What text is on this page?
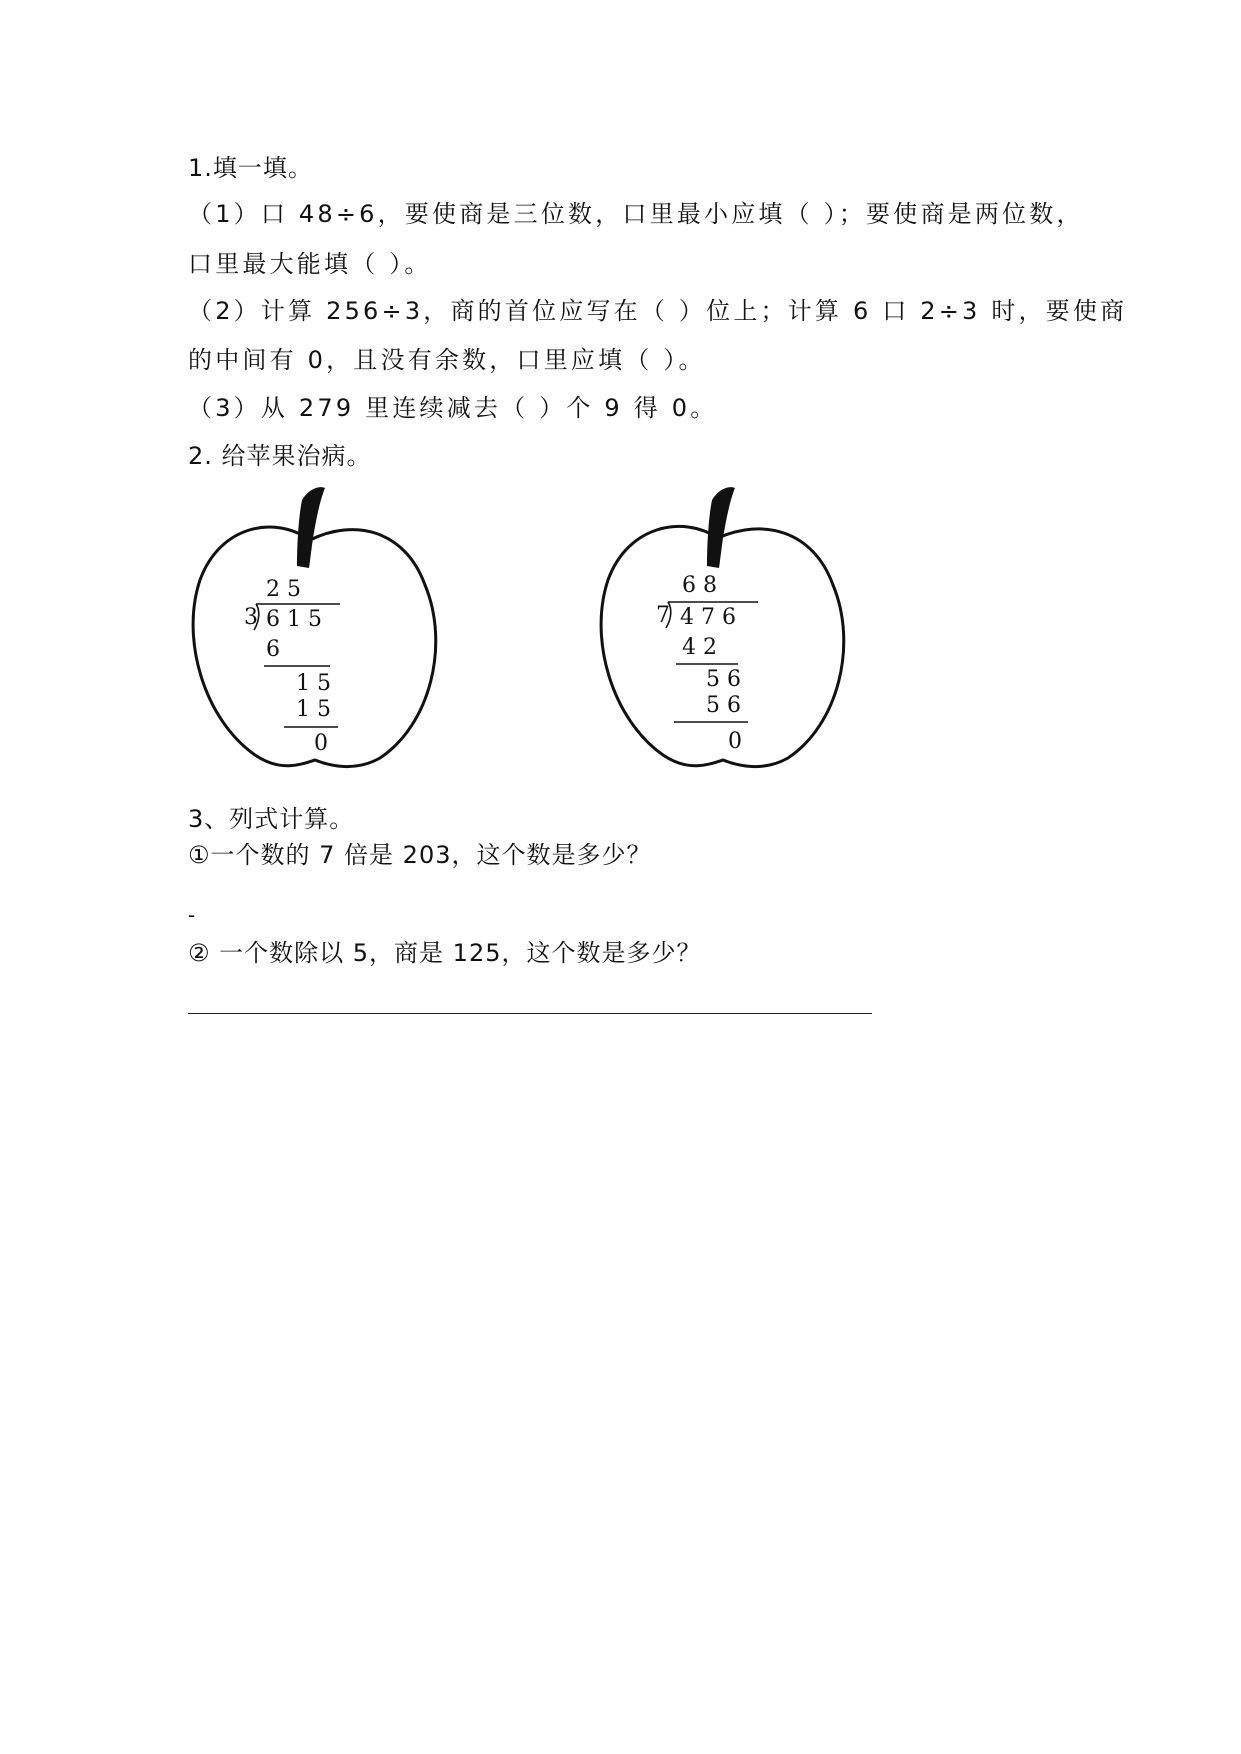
1.填一填。
（1）口 48÷6，要使商是三位数，口里最小应填（ ）；要使商是两位数，
口里最大能填（ ）。
（2）计算 256÷3，商的首位应写在（ ）位上；计算 6 口 2÷3 时，要使商
的中间有 0，且没有余数，口里应填（ ）。
（3）从 279 里连续减去（ ）个 9 得 0。
2. 给苹果治病。
2 5
3 6 1 5
6
1 5
1 5
0
6 8
7 4 7 6
4 2
5 6
5 6
0
3、列式计算。
①一个数的 7 倍是 203，这个数是多少？
-
② 一个数除以 5，商是 125，这个数是多少？
